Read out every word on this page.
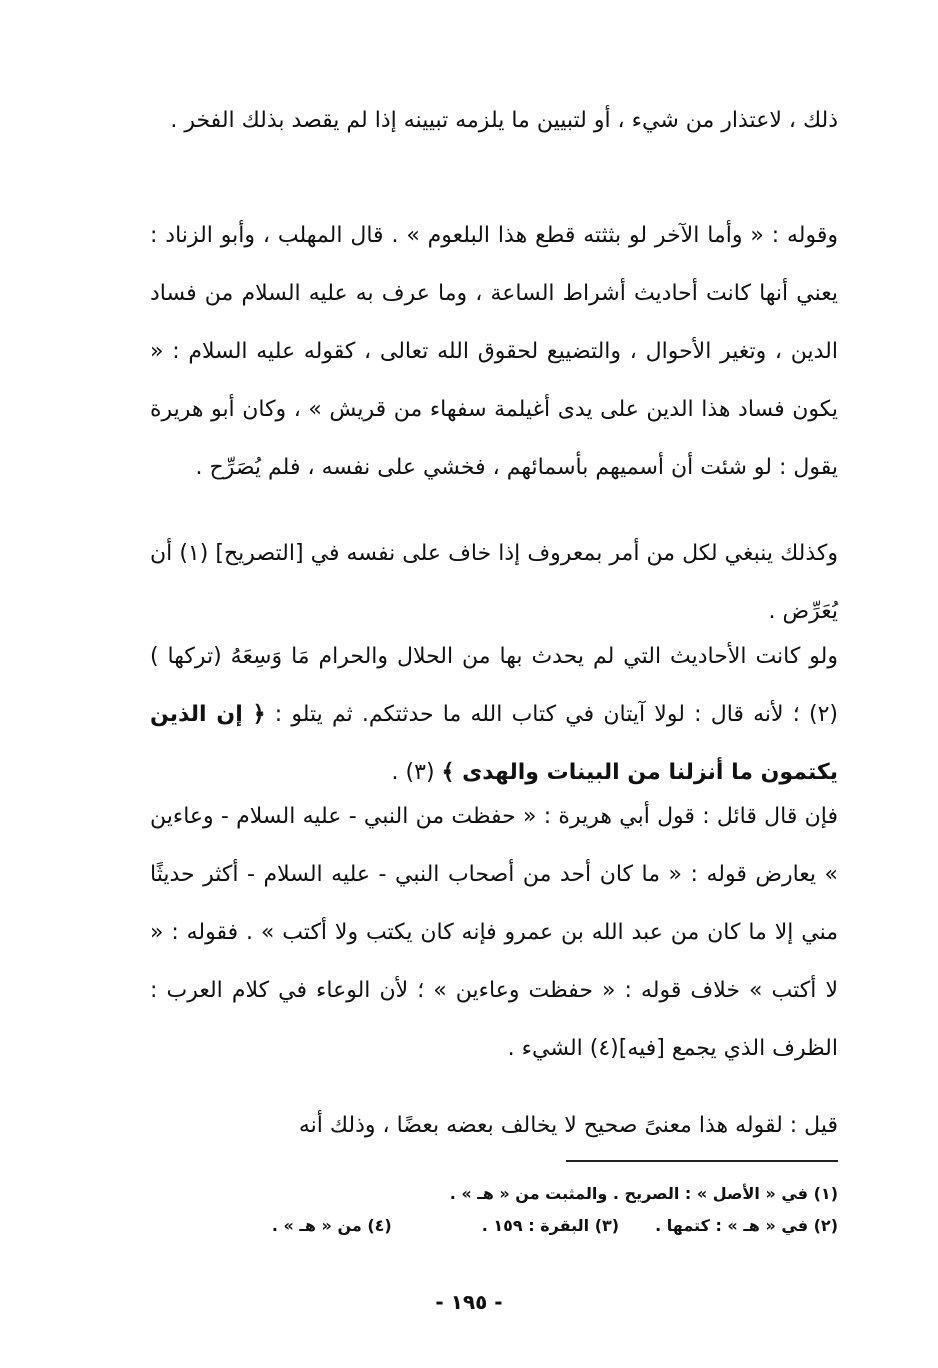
ذلك ، لاعتذار من شيء ، أو لتبيين ما يلزمه تبيينه إذا لم يقصد بذلك الفخر .

وقوله : « وأما الآخر لو بثثته قطع هذا البلعوم » . قال المهلب ، وأبو الزناد : يعني أنها كانت أحاديث أشراط الساعة ، وما عرف به عليه السلام من فساد الدين ، وتغير الأحوال ، والتضييع لحقوق الله تعالى ، كقوله عليه السلام : « يكون فساد هذا الدين على يدى أغيلمة سفهاء من قريش » ، وكان أبو هريرة يقول : لو شئت أن أسميهم بأسمائهم ، فخشي على نفسه ، فلم يُصَرِّح .

وكذلك ينبغي لكل من أمر بمعروف إذا خاف على نفسه في [التصريح] (١) أن يُعَرِّض .

ولو كانت الأحاديث التي لم يحدث بها من الحلال والحرام مَا وَسِعَهُ (تركها ) (٢) ؛ لأنه قال : لولا آيتان في كتاب الله ما حدثتكم. ثم يتلو : ﴿ إن الذين يكتمون ما أنزلنا من البينات والهدى ﴾ (٣) .

فإن قال قائل : قول أبي هريرة : « حفظت من النبي - عليه السلام - وعاءين » يعارض قوله : « ما كان أحد من أصحاب النبي - عليه السلام - أكثر حديثًا مني إلا ما كان من عبد الله بن عمرو فإنه كان يكتب ولا أكتب » . فقوله : « لا أكتب » خلاف قوله : « حفظت وعاءين » ؛ لأن الوعاء في كلام العرب : الظرف الذي يجمع [فيه](٤) الشيء .

قيل : لقوله هذا معنىً صحيح لا يخالف بعضه بعضًا ، وذلك أنه

(١) في « الأصل » : الصريح . والمثبت من « هـ » .
(٢) في « هـ » : كتمها .(٣) البقرة : ١٥٩ .(٤) من « هـ » .
- ١٩٥ -
